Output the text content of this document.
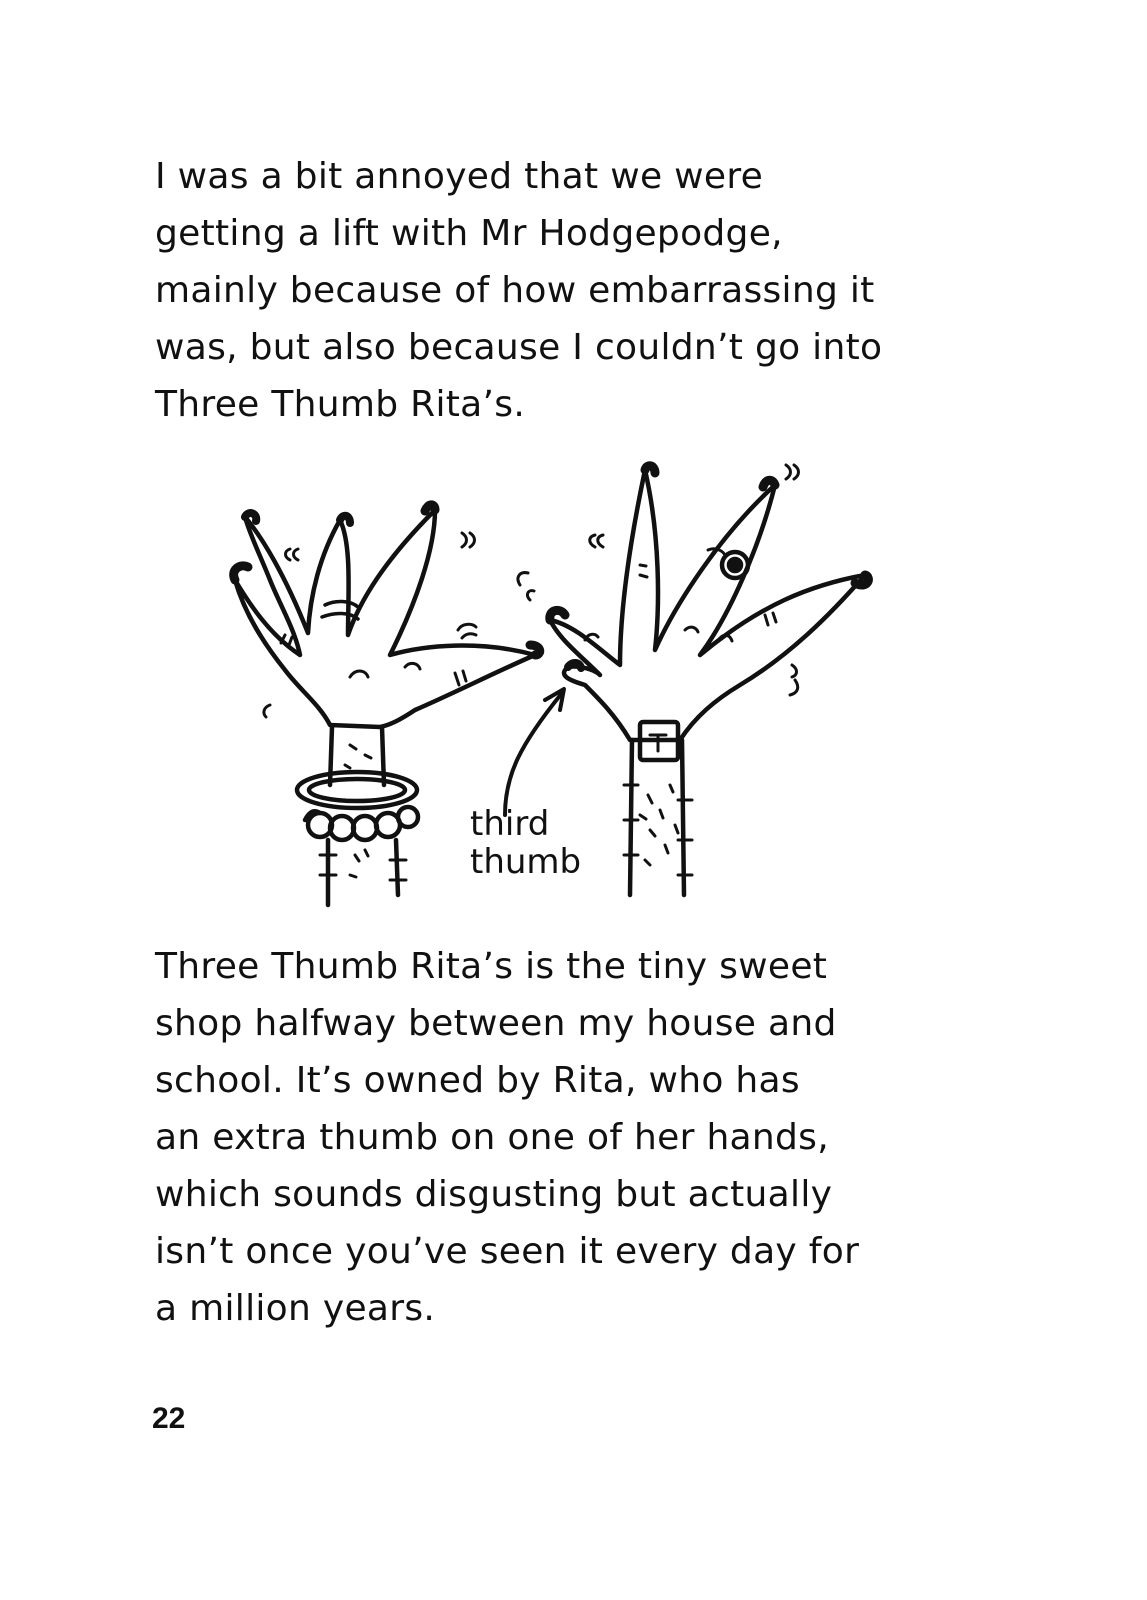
I was a bit annoyed that we were
getting a lift with Mr Hodgepodge,
mainly because of how embarrassing it
was, but also because I couldn’t go into
Three Thumb Rita’s.

third
thumb

Three Thumb Rita’s is the tiny sweet
shop halfway between my house and
school. It’s owned by Rita, who has
an extra thumb on one of her hands,
which sounds disgusting but actually
isn’t once you’ve seen it every day for
a million years.

22
